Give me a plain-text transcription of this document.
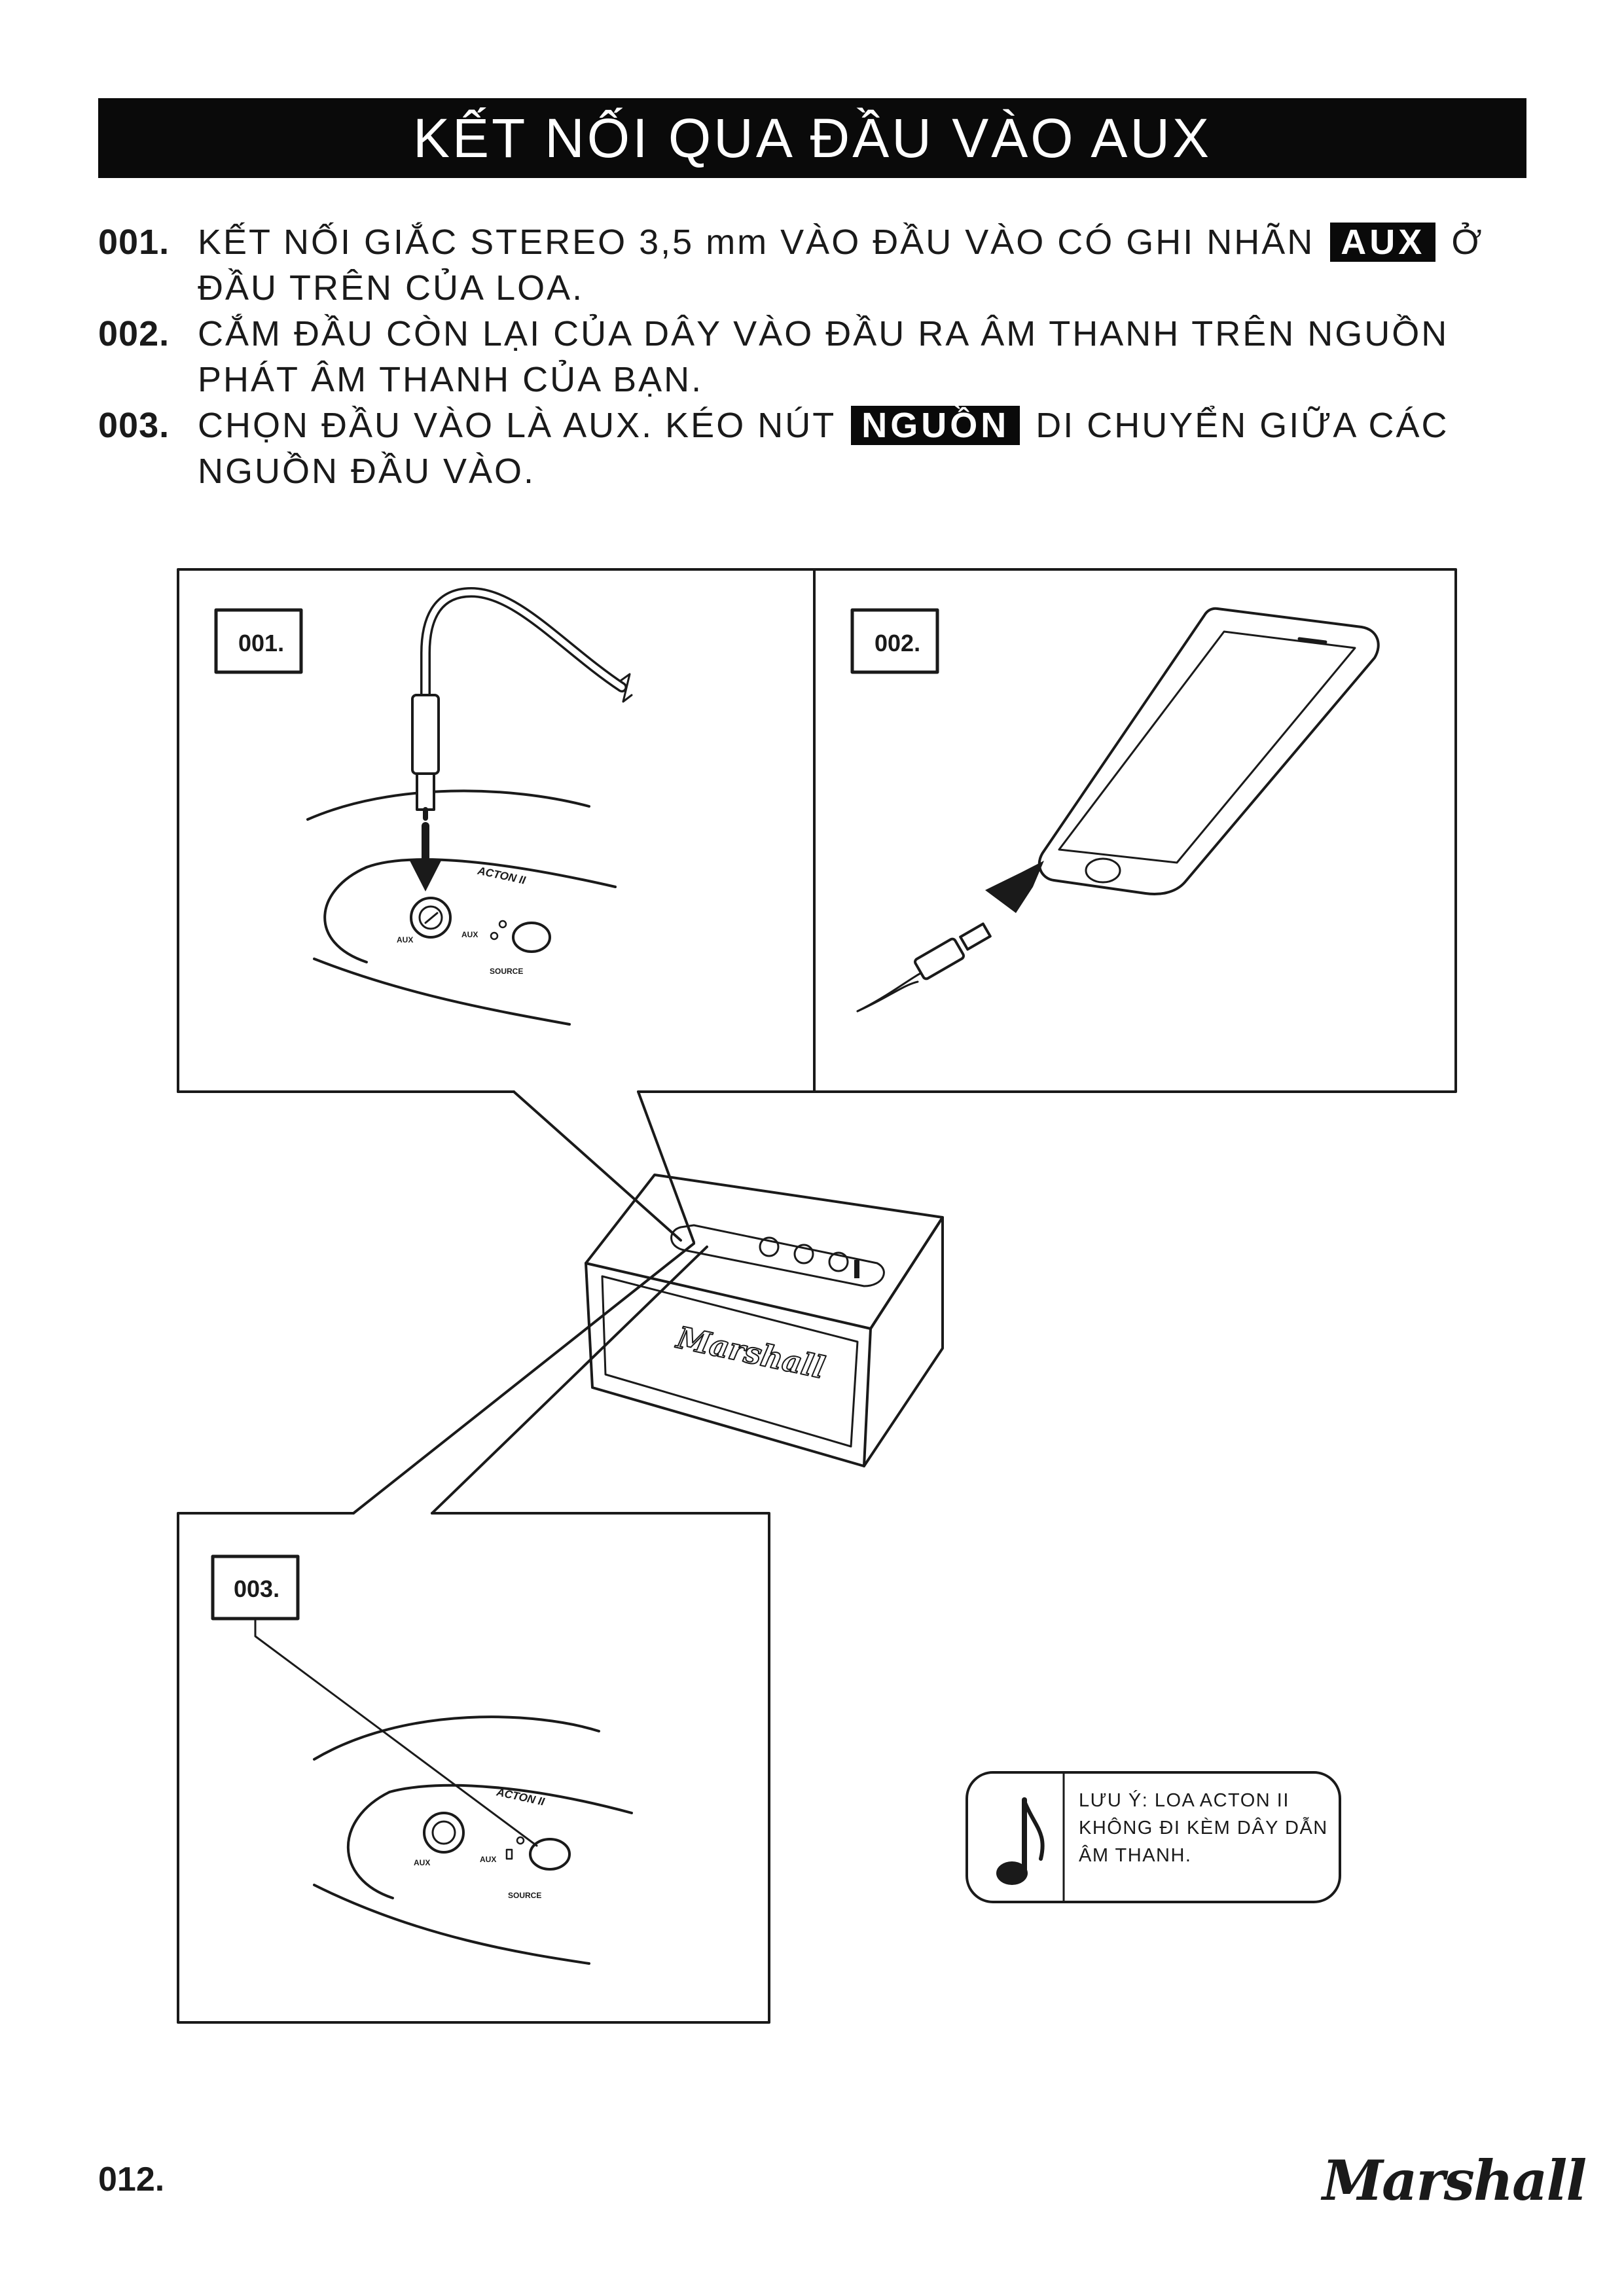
KẾT NỐI QUA ĐẦU VÀO AUX
001. KẾT NỐI GIẮC STEREO 3,5 mm VÀO ĐẦU VÀO CÓ GHI NHÃN AUX Ở ĐẦU TRÊN CỦA LOA.
002. CẮM ĐẦU CÒN LẠI CỦA DÂY VÀO ĐẦU RA ÂM THANH TRÊN NGUỒN PHÁT ÂM THANH CỦA BẠN.
003. CHỌN ĐẦU VÀO LÀ AUX. KÉO NÚT NGUỒN DI CHUYỂN GIỮA CÁC NGUỒN ĐẦU VÀO.
Marshall
001.	002.
003.
ACTON II
AUX
AUX
SOURCE
ACTON II
AUX	AUX
SOURCE
LƯU Ý: LOA ACTON II KHÔNG ĐI KÈM DÂY DẪN ÂM THANH.
012.	Marshall
